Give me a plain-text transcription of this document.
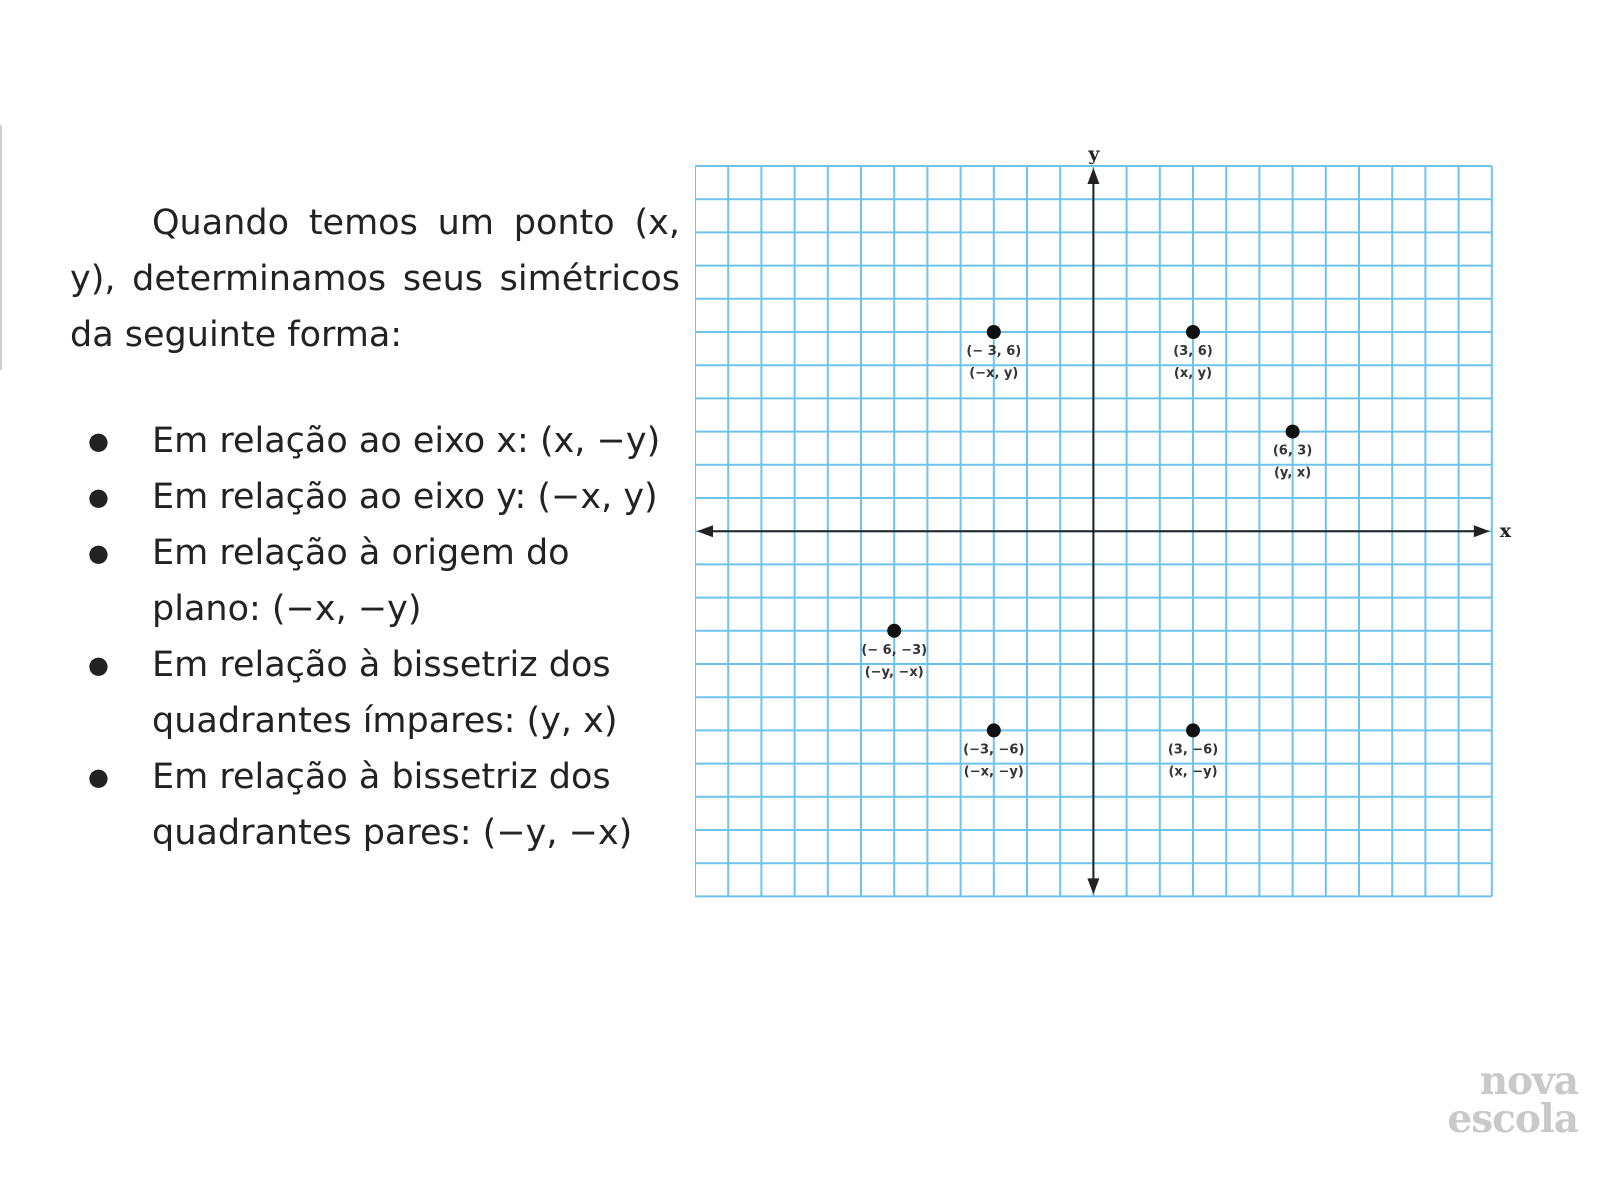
Quando temos um ponto (x, y), determinamos seus simétricos da seguinte forma:

● Em relação ao eixo x: (x, −y)
● Em relação ao eixo y: (−x, y)
● Em relação à origem do plano: (−x, −y)
● Em relação à bissetriz dos quadrantes ímpares: (y, x)
● Em relação à bissetriz dos quadrantes pares: (−y, −x)
x
y
(− 3, 6)
(−x, y)
(3, 6)
(x, y)
(6, 3)
(y, x)
(− 6, −3)
(−y, −x)
(−3, −6)
(−x, −y)
(3, −6)
(x, −y)
nova
escola
